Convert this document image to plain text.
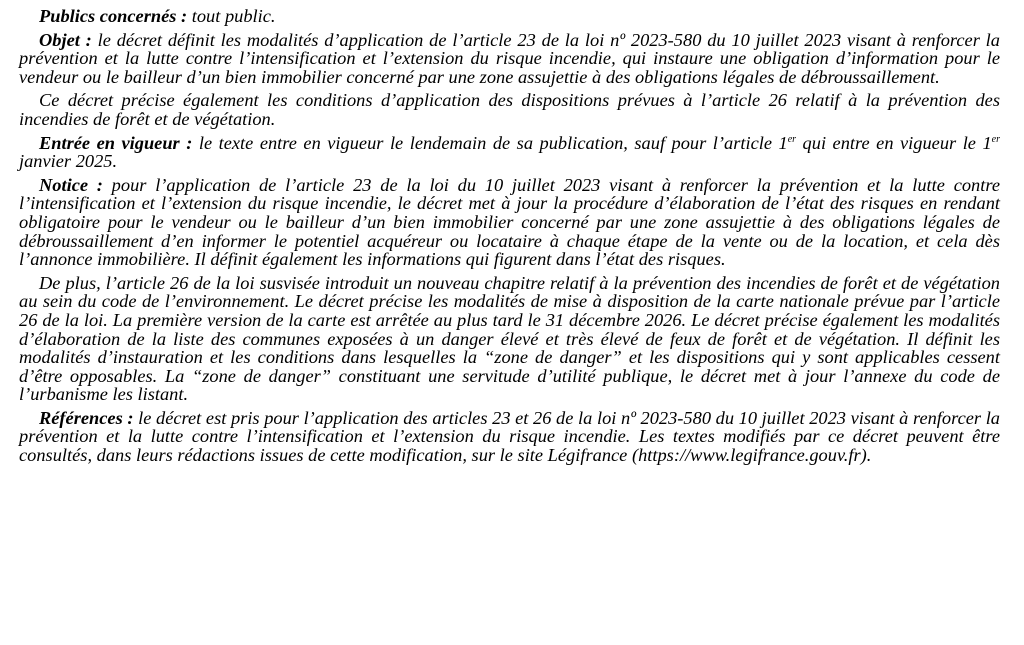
Publics concernés : tout public.

Objet : le décret définit les modalités d’application de l’article 23 de la loi nº 2023-580 du 10 juillet 2023 visant à renforcer la prévention et la lutte contre l’intensification et l’extension du risque incendie, qui instaure une obligation d’information pour le vendeur ou le bailleur d’un bien immobilier concerné par une zone assujettie à des obligations légales de débroussaillement.

Ce décret précise également les conditions d’application des dispositions prévues à l’article 26 relatif à la prévention des incendies de forêt et de végétation.

Entrée en vigueur : le texte entre en vigueur le lendemain de sa publication, sauf pour l’article 1er qui entre en vigueur le 1er janvier 2025.

Notice : pour l’application de l’article 23 de la loi du 10 juillet 2023 visant à renforcer la prévention et la lutte contre l’intensification et l’extension du risque incendie, le décret met à jour la procédure d’élaboration de l’état des risques en rendant obligatoire pour le vendeur ou le bailleur d’un bien immobilier concerné par une zone assujettie à des obligations légales de débroussaillement d’en informer le potentiel acquéreur ou locataire à chaque étape de la vente ou de la location, et cela dès l’annonce immobilière. Il définit également les informations qui figurent dans l’état des risques.

De plus, l’article 26 de la loi susvisée introduit un nouveau chapitre relatif à la prévention des incendies de forêt et de végétation au sein du code de l’environnement. Le décret précise les modalités de mise à disposition de la carte nationale prévue par l’article 26 de la loi. La première version de la carte est arrêtée au plus tard le 31 décembre 2026. Le décret précise également les modalités d’élaboration de la liste des communes exposées à un danger élevé et très élevé de feux de forêt et de végétation. Il définit les modalités d’instauration et les conditions dans lesquelles la “zone de danger” et les dispositions qui y sont applicables cessent d’être opposables. La “zone de danger” constituant une servitude d’utilité publique, le décret met à jour l’annexe du code de l’urbanisme les listant.

Références : le décret est pris pour l’application des articles 23 et 26 de la loi nº 2023-580 du 10 juillet 2023 visant à renforcer la prévention et la lutte contre l’intensification et l’extension du risque incendie. Les textes modifiés par ce décret peuvent être consultés, dans leurs rédactions issues de cette modification, sur le site Légifrance (https://www.legifrance.gouv.fr).
